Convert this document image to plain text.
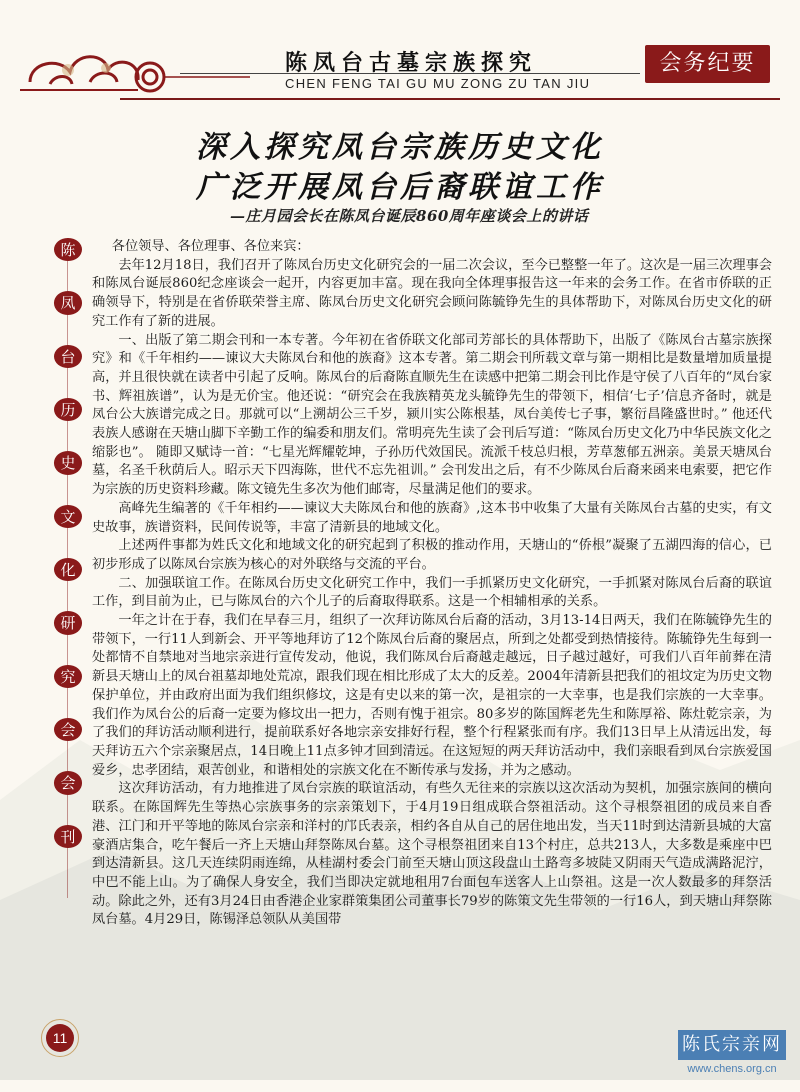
陈凤台古墓宗族探究
CHEN FENG TAI GU MU ZONG ZU TAN JIU
会务纪要
深入探究凤台宗族历史文化
广泛开展凤台后裔联谊工作
—庄月园会长在陈凤台诞辰860周年座谈会上的讲话
陈
凤
台
历
史
文
化
研
究
会
会
刊

各位领导、各位理事、各位来宾：

去年12月18日，我们召开了陈凤台历史文化研究会的一届二次会议，至今已整整一年了。这次是一届三次理事会和陈凤台诞辰860纪念座谈会一起开，内容更加丰富。现在我向全体理事报告这一年来的会务工作。在省市侨联的正确领导下，特别是在省侨联荣誉主席、陈凤台历史文化研究会顾问陈毓铮先生的具体帮助下，对陈凤台历史文化的研究工作有了新的进展。

一、出版了第二期会刊和一本专著。今年初在省侨联文化部司芳部长的具体帮助下，出版了《陈凤台古墓宗族探究》和《千年相约——谏议大夫陈凤台和他的族裔》这本专著。第二期会刊所载文章与第一期相比是数量增加质量提高，并且很快就在读者中引起了反响。陈凤台的后裔陈直顺先生在读感中把第二期会刊比作是守侯了八百年的“凤台家书、辉祖族谱”，认为是无价宝。他还说：“研究会在我族精英龙头毓铮先生的带领下，相信‘七子’信息齐备时，就是凤台公大族谱完成之日。那就可以“上溯胡公三千岁，颍川实公陈根基，凤台美传七子事，繁衍昌隆盛世时。” 他还代表族人感谢在天塘山脚下辛勤工作的编委和朋友们。常明亮先生读了会刊后写道：“陈凤台历史文化乃中华民族文化之缩影也”。 随即又赋诗一首：“七星光辉耀乾坤，子孙历代效国民。流派千枝总归根，芳草葱郁五洲亲。美景天塘凤台墓，名圣千秋荫后人。昭示天下四海陈，世代不忘先祖训。” 会刊发出之后，有不少陈凤台后裔来函来电索要，把它作为宗族的历史资料珍藏。陈文镜先生多次为他们邮寄，尽量满足他们的要求。

高峰先生编著的《千年相约——谏议大夫陈凤台和他的族裔》,这本书中收集了大量有关陈凤台古墓的史实，有文史故事，族谱资料，民间传说等，丰富了清新县的地域文化。

上述两件事都为姓氏文化和地域文化的研究起到了积极的推动作用，天塘山的“侨根”凝聚了五湖四海的信心，已初步形成了以陈凤台宗族为核心的对外联络与交流的平台。

二、加强联谊工作。在陈凤台历史文化研究工作中，我们一手抓紧历史文化研究，一手抓紧对陈凤台后裔的联谊工作，到目前为止，已与陈凤台的六个儿子的后裔取得联系。这是一个相辅相承的关系。

一年之计在于春，我们在早春三月，组织了一次拜访陈凤台后裔的活动，3月13-14日两天，我们在陈毓铮先生的带领下，一行11人到新会、开平等地拜访了12个陈凤台后裔的聚居点，所到之处都受到热情接待。陈毓铮先生每到一处都情不自禁地对当地宗亲进行宣传发动，他说，我们陈凤台后裔越走越远，日子越过越好，可我们八百年前葬在清新县天塘山上的凤台祖墓却地处荒凉，跟我们现在相比形成了太大的反差。2004年清新县把我们的祖坟定为历史文物保护单位，并由政府出面为我们组织修坟，这是有史以来的第一次，是祖宗的一大幸事，也是我们宗族的一大幸事。我们作为凤台公的后裔一定要为修坟出一把力，否则有愧于祖宗。80多岁的陈国辉老先生和陈厚裕、陈灶乾宗亲，为了我们的拜访活动顺利进行，提前联系好各地宗亲安排好行程，整个行程紧张而有序。我们13日早上从清远出发，每天拜访五六个宗亲聚居点，14日晚上11点多钟才回到清远。在这短短的两天拜访活动中，我们亲眼看到凤台宗族爱国爱乡，忠孝团结，艰苦创业，和谐相处的宗族文化在不断传承与发扬，并为之感动。

这次拜访活动，有力地推进了凤台宗族的联谊活动，有些久无往来的宗族以这次活动为契机，加强宗族间的横向联系。在陈国辉先生等热心宗族事务的宗亲策划下，于4月19日组成联合祭祖活动。这个寻根祭祖团的成员来自香港、江门和开平等地的陈凤台宗亲和洋村的邝氏表亲，相约各自从自己的居住地出发，当天11时到达清新县城的大富豪酒店集合，吃午餐后一齐上天塘山拜祭陈凤台墓。这个寻根祭祖团来自13个村庄，总共213人，大多数是乘座中巴到达清新县。这几天连续阴雨连绵，从桂湖村委会门前至天塘山顶这段盘山土路弯多坡陡又阴雨天气造成满路泥泞，中巴不能上山。为了确保人身安全，我们当即决定就地租用7台面包车送客人上山祭祖。这是一次人数最多的拜祭活动。除此之外，还有3月24日由香港企业家群策集团公司董事长79岁的陈策文先生带领的一行16人，到天塘山拜祭陈凤台墓。4月29日，陈锡泽总领队从美国带

11	陈氏宗亲网
www.chens.org.cn
